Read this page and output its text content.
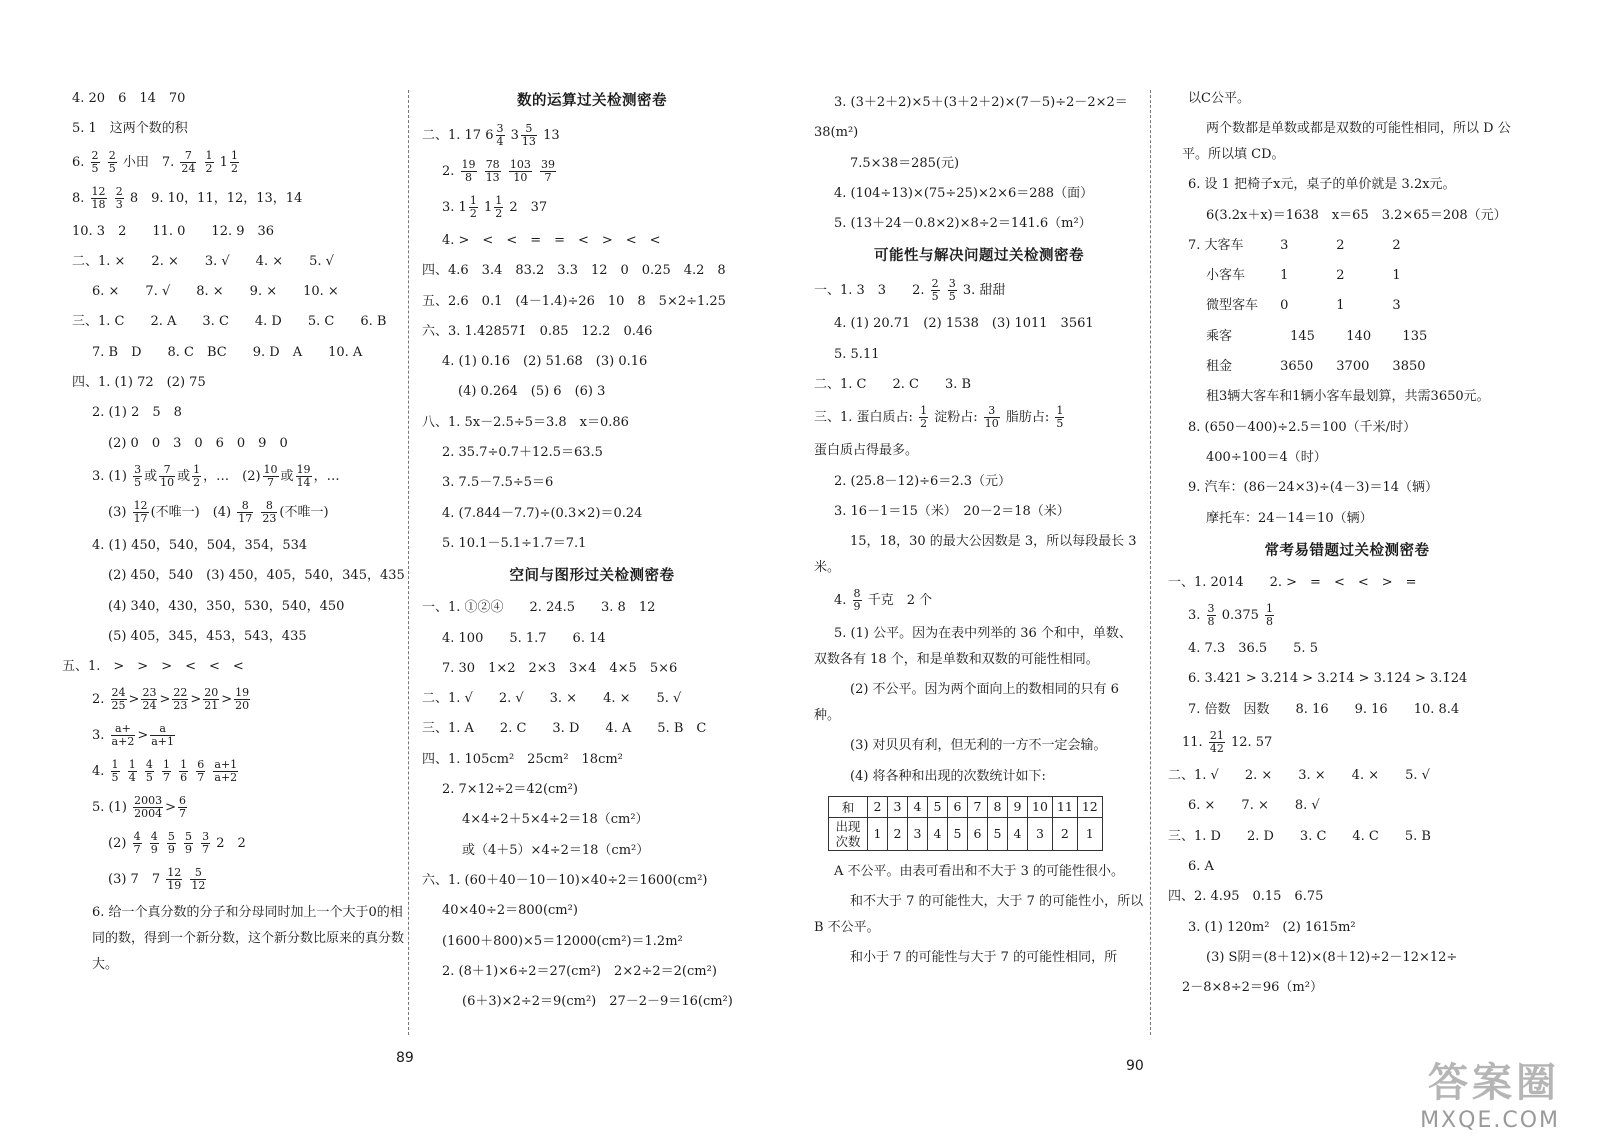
4. 20　6　14　70
5. 1　这两个数的积
6. $\frac{2}{5}$
$\frac{2}{5}$ 小田　7. $\frac{7}{24}$
$\frac{1}{2} 1 \frac{1}{2}$
8. $\frac{12}{18}$
$\frac{2}{3} 8$　9. 10，11，12，13，14
10. 3　2　　11. 0　　12. 9　36
二、1. ×　　2. ×　　3. √　　4. ×　　5. √
6. ×　　7. √　　8. ×　　9. ×　　10. ×
三、1. C　　2. A　　3. C　　4. D　　5. C　　6. B
7. B　D　　8. C　BC　　9. D　A　　10. A
四、1. (1) 72　(2) 75
2. (1) 2　5　8
(2) 0　0　3　0　6　0　9　0
3. $(1) \frac{3}{5}$ 或 $\frac{7}{10}$ 或 $\frac{1}{2}$ ，…　$(2) \frac{10}{7}$ 或 $\frac{19}{14}$ ，…
$(3) \frac{12}{17}$ (不唯一)　$(4) \frac{8}{17}$
$\frac{8}{23}$ (不唯一)
4. (1) 450，540，504，354，534
(2) 450，540　(3) 450，405，540，345，435
(4) 340，430，350，530，540，450
(5) 405，345，453，543，435
五、1.　>　>　>　<　<　<
2. $\frac{24}{25} > \frac{23}{24} > \frac{22}{23} > \frac{20}{21} > \frac{19}{20}$
3. $\frac{a+}{a+2} > \frac{a}{a+1}$
4. $\frac{1}{5}$
$\frac{1}{4}$
$\frac{4}{5}$
$\frac{1}{7}$
$\frac{1}{6}$
$\frac{6}{7}$
$\frac{a+1}{a+2}$
5. $(1) \frac{2003}{2004} > \frac{6}{7}$
$(2) \frac{4}{7}$
$\frac{4}{9}$
$\frac{5}{9}$
$\frac{5}{9}$
$\frac{3}{7} 2$　2
(3) 7　$7 \frac{12}{19}$
$\frac{5}{12}$
6. 给一个真分数的分子和分母同时加上一个大于0的相同的数，得到一个新分数，这个新分数比原来的真分数大。
数的运算过关检测密卷
二、1. 17 $6 \frac{3}{4} 3 \frac{5}{13} 13$
2. $\frac{19}{8}$
$\frac{78}{13}$
$\frac{103}{10}$
$\frac{39}{7}$
3. $1 \frac{1}{2} 1 \frac{1}{2} 2$　37
4. >　<　<　=　=　<　>　<　<
四、4.6　3.4　83.2　3.3　12　0　0.25　4.2　8
五、2.6　0.1　(4－1.4)÷26　10　8　5×2÷1.25
六、3. 1.428571̇　0.85　12.2　0.46
4. (1) 0.16　(2) 51.68　(3) 0.16
(4) 0.264　(5) 6　(6) 3
八、1. 5x－2.5÷5＝3.8　x＝0.86
2. 35.7÷0.7＋12.5＝63.5
3. 7.5－7.5÷5＝6
4. (7.844－7.7)÷(0.3×2)＝0.24
5. 10.1－5.1÷1.7＝7.1
空间与图形过关检测密卷
一、1. ①②④　　2. 24.5　　3. 8　12
4. 100　　5. 1.7　　6. 14
7. 30　1×2　2×3　3×4　4×5　5×6
二、1. √　　2. √　　3. ×　　4. ×　　5. √
三、1. A　　2. C　　3. D　　4. A　　5. B　C
四、1. 105cm²　25cm²　18cm²
2. 7×12÷2＝42(cm²)
4×4÷2＋5×4÷2＝18（cm²）
或（4＋5）×4÷2＝18（cm²）
六、1. (60＋40－10－10)×40÷2＝1600(cm²)
40×40÷2＝800(cm²)
(1600＋800)×5＝12000(cm²)＝1.2m²
2. (8＋1)×6÷2＝27(cm²)　2×2÷2＝2(cm²)
(6＋3)×2÷2＝9(cm²)　27－2－9＝16(cm²)
89	90
3. (3＋2＋2)×5＋(3＋2＋2)×(7－5)÷2－2×2＝
38(m²)
7.5×38＝285(元)
4. (104÷13)×(75÷25)×2×6＝288（面）
5. (13＋24－0.8×2)×8÷2＝141.6（m²）
可能性与解决问题过关检测密卷
一、1. 3　3　　2. $\frac{2}{5}$
$\frac{3}{5} 3$. 甜甜
4. (1) 20.71　(2) 1538　(3) 1011　3561
5. 5.11
二、1. C　　2. C　　3. B
三、1. 蛋白质占: $\frac{1}{2}$ 淀粉占: $\frac{3}{10}$ 脂肪占: $\frac{1}{5}$
蛋白质占得最多。
2. (25.8－12)÷6＝2.3（元）
3. 16－1＝15（米）　20－2＝18（米）
15，18，30 的最大公因数是 3，所以每段最长 3 米。
4. $\frac{8}{9}$ 千克　2 个
5. (1) 公平。因为在表中列举的 36 个和中，单数、双数各有 18 个，和是单数和双数的可能性相同。
(2) 不公平。因为两个面向上的数相同的只有 6 种。
(3) 对贝贝有利，但无利的一方不一定会输。
(4) 将各种和出现的次数统计如下:
和	2	3	4	5	6	7	8	9	10	11	12
出现次数	1	2	3	4	5	6	5	4	3	2	1
A 不公平。由表可看出和不大于 3 的可能性很小。
和不大于 7 的可能性大，大于 7 的可能性小，所以 B 不公平。
和小于 7 的可能性与大于 7 的可能性相同，所
以C公平。
两个数都是单数或都是双数的可能性相同，所以 D 公平。所以填 CD。
6. 设 1 把椅子x元，桌子的单价就是 3.2x元。
6(3.2x＋x)＝1638　x＝65　3.2×65＝208（元）
7. 大客车	3	2	2
小客车	1	2	1
微型客车 0	1	3
乘客	145 140 135
租金	3650 3700 3850
租3辆大客车和1辆小客车最划算，共需3650元。
8. (650－400)÷2.5＝100（千米/时）
400÷100＝4（时）
9. 汽车：(86－24×3)÷(4－3)＝14（辆）
摩托车：24－14＝10（辆）
常考易错题过关检测密卷
一、1. 2014　　2. >　=　<　<　>　=
3. $\frac{3}{8} 0.375 \frac{1}{8}$
4. 7.3　36.5　　5. 5
6. 3.421 > 3.2̇14̇ > 3.21̇4̇ > 3.12̇4̇ > 3.1̇24̇
7. 倍数　因数　　8. 16　　9. 16　　10. 8.4
11. $\frac{21}{42} 12$. 57
二、1. √　　2. ×　　3. ×　　4. ×　　5. √
6. ×　　7. ×　　8. √
三、1. D　　2. D　　3. C　　4. C　　5. B
6. A
四、2. 4.95　0.15　6.75
3. (1) 120m²　(2) 1615m²
(3) S阴＝(8＋12)×(8＋12)÷2－12×12÷
2－8×8÷2＝96（m²）
答案圈
MXQE.COM
